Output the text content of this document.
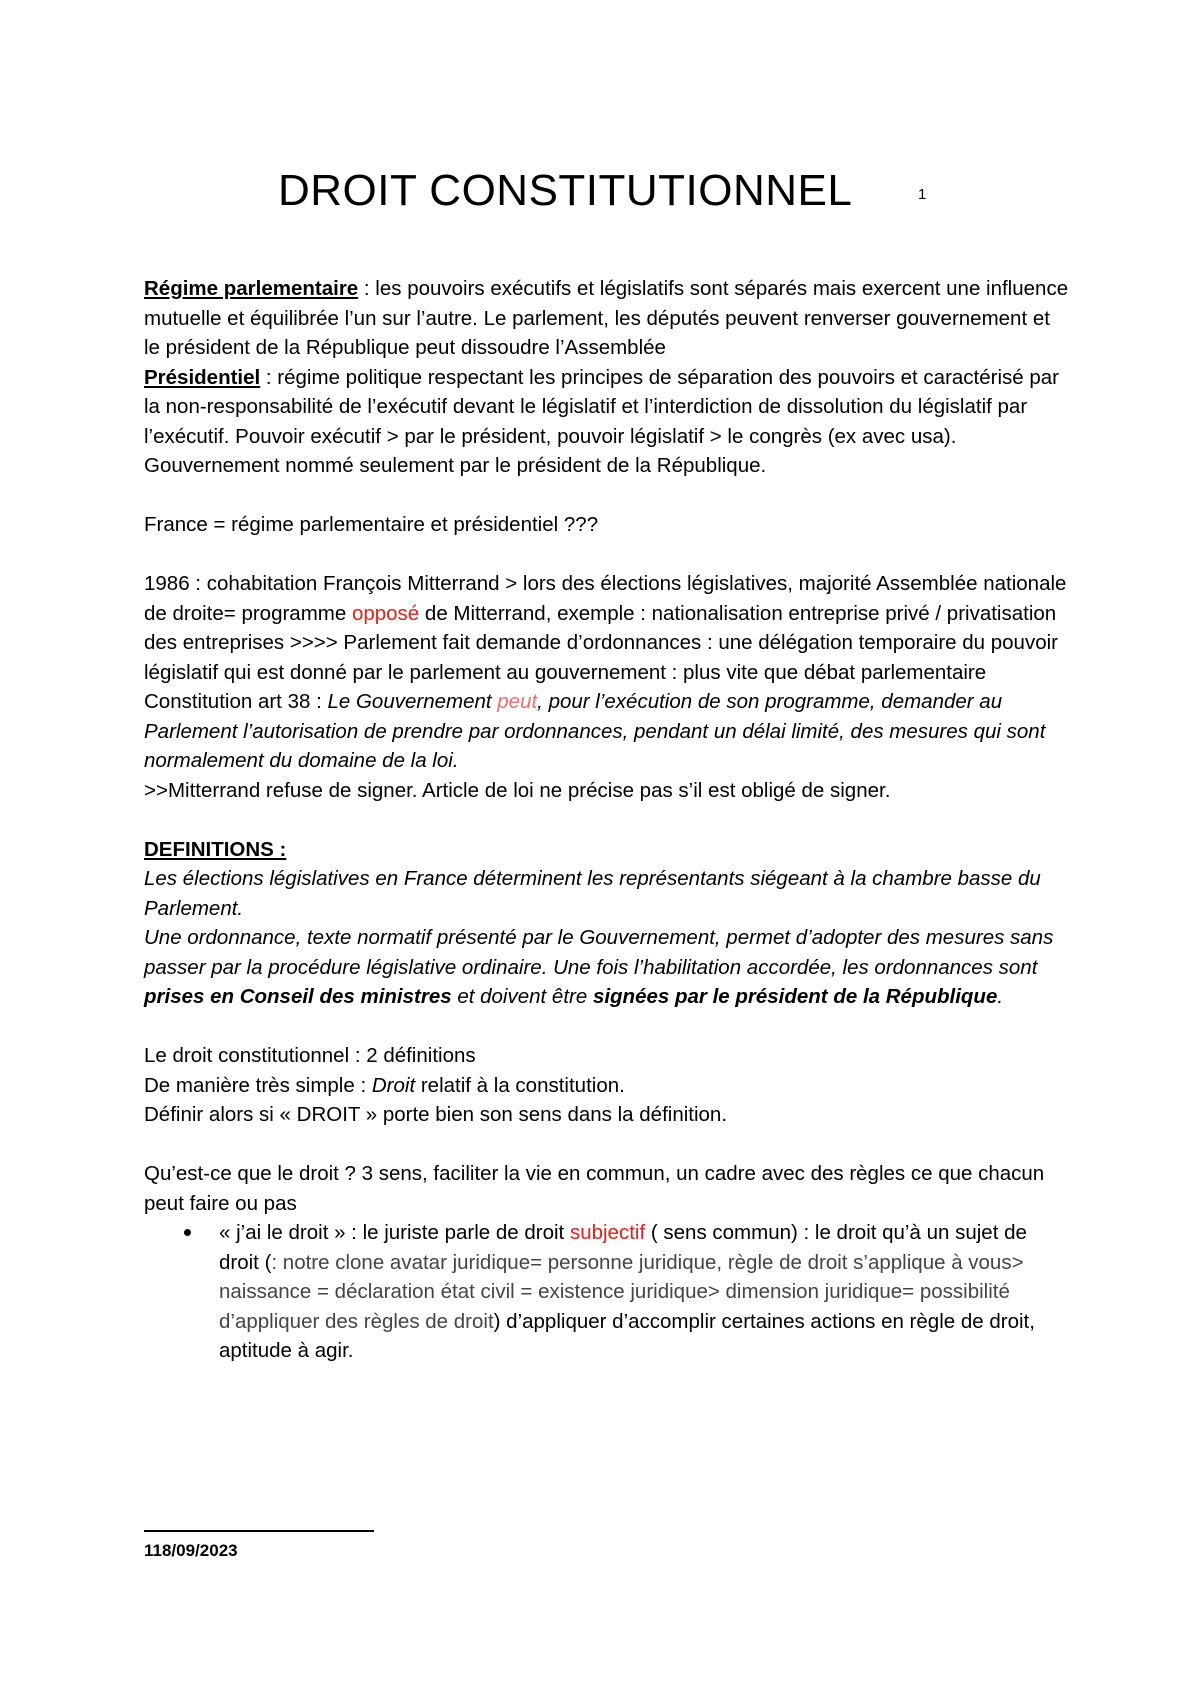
DROIT CONSTITUTIONNEL	1

Régime parlementaire : les pouvoirs exécutifs et législatifs sont séparés mais exercent une influence mutuelle et équilibrée l’un sur l’autre. Le parlement, les députés peuvent renverser gouvernement et le président de la République peut dissoudre l’Assemblée

Présidentiel : régime politique respectant les principes de séparation des pouvoirs et caractérisé par la non-responsabilité de l’exécutif devant le législatif et l’interdiction de dissolution du législatif par l’exécutif. Pouvoir exécutif > par le président, pouvoir législatif > le congrès (ex avec usa). Gouvernement nommé seulement par le président de la République.

France = régime parlementaire et présidentiel ???

1986 : cohabitation François Mitterrand > lors des élections législatives, majorité Assemblée nationale de droite= programme opposé de Mitterrand, exemple : nationalisation entreprise privé / privatisation des entreprises >>>> Parlement fait demande d’ordonnances : une délégation temporaire du pouvoir législatif qui est donné par le parlement au gouvernement : plus vite que débat parlementaire

Constitution art 38 : Le Gouvernement peut, pour l’exécution de son programme, demander au Parlement l’autorisation de prendre par ordonnances, pendant un délai limité, des mesures qui sont normalement du domaine de la loi.

>>Mitterrand refuse de signer. Article de loi ne précise pas s’il est obligé de signer.

DEFINITIONS :

Les élections législatives en France déterminent les représentants siégeant à la chambre basse du Parlement.

Une ordonnance, texte normatif présenté par le Gouvernement, permet d’adopter des mesures sans passer par la procédure législative ordinaire. Une fois l’habilitation accordée, les ordonnances sont prises en Conseil des ministres et doivent être signées par le président de la République.

Le droit constitutionnel : 2 définitions

De manière très simple : Droit relatif à la constitution.

Définir alors si « DROIT » porte bien son sens dans la définition.

Qu’est-ce que le droit ? 3 sens, faciliter la vie en commun, un cadre avec des règles ce que chacun peut faire ou pas

« j’ai le droit » : le juriste parle de droit subjectif ( sens commun) : le droit qu’à un sujet de droit (: notre clone avatar juridique= personne juridique, règle de droit s’applique à vous> naissance = déclaration état civil = existence juridique> dimension juridique= possibilité d’appliquer des règles de droit) d’appliquer d’accomplir certaines actions en règle de droit, aptitude à agir.
118/09/2023
